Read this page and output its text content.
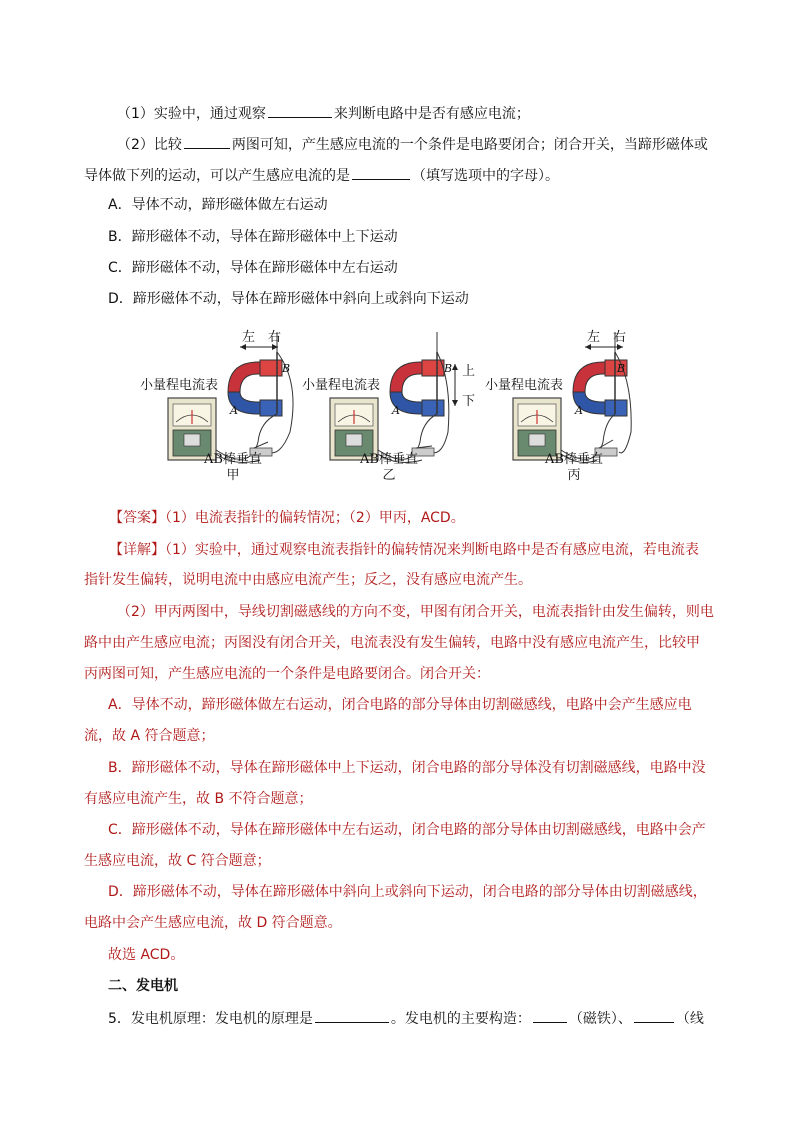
（1）实验中，通过观察	来判断电路中是否有感应电流；
（2）比较	两图可知，产生感应电流的一个条件是电路要闭合；闭合开关，当蹄形磁体或
导体做下列的运动，可以产生感应电流的是	（填写选项中的字母）。
A．导体不动，蹄形磁体做左右运动
B．蹄形磁体不动，导体在蹄形磁体中上下运动
C．蹄形磁体不动，导体在蹄形磁体中左右运动
D．蹄形磁体不动，导体在蹄形磁体中斜向上或斜向下运动
左 右
小量程电流表
B
A
AB棒垂直
甲
上
下
小量程电流表
B
A
AB棒垂直
乙
左 右
小量程电流表
B
A
AB棒垂直
丙
【答案】（1）电流表指针的偏转情况；（2）甲丙，ACD。
【详解】（1）实验中，通过观察电流表指针的偏转情况来判断电路中是否有感应电流，若电流表
指针发生偏转，说明电流中由感应电流产生；反之，没有感应电流产生。
（2）甲丙两图中，导线切割磁感线的方向不变，甲图有闭合开关，电流表指针由发生偏转，则电
路中由产生感应电流；丙图没有闭合开关，电流表没有发生偏转，电路中没有感应电流产生，比较甲
丙两图可知，产生感应电流的一个条件是电路要闭合。闭合开关：
A．导体不动，蹄形磁体做左右运动，闭合电路的部分导体由切割磁感线，电路中会产生感应电
流，故 A 符合题意；
B．蹄形磁体不动，导体在蹄形磁体中上下运动，闭合电路的部分导体没有切割磁感线，电路中没
有感应电流产生，故 B 不符合题意；
C．蹄形磁体不动，导体在蹄形磁体中左右运动，闭合电路的部分导体由切割磁感线，电路中会产
生感应电流，故 C 符合题意；
D．蹄形磁体不动，导体在蹄形磁体中斜向上或斜向下运动，闭合电路的部分导体由切割磁感线，
电路中会产生感应电流，故 D 符合题意。
故选 ACD。
二、发电机
5．发电机原理：发电机的原理是	。发电机的主要构造：	（磁铁）、	（线
